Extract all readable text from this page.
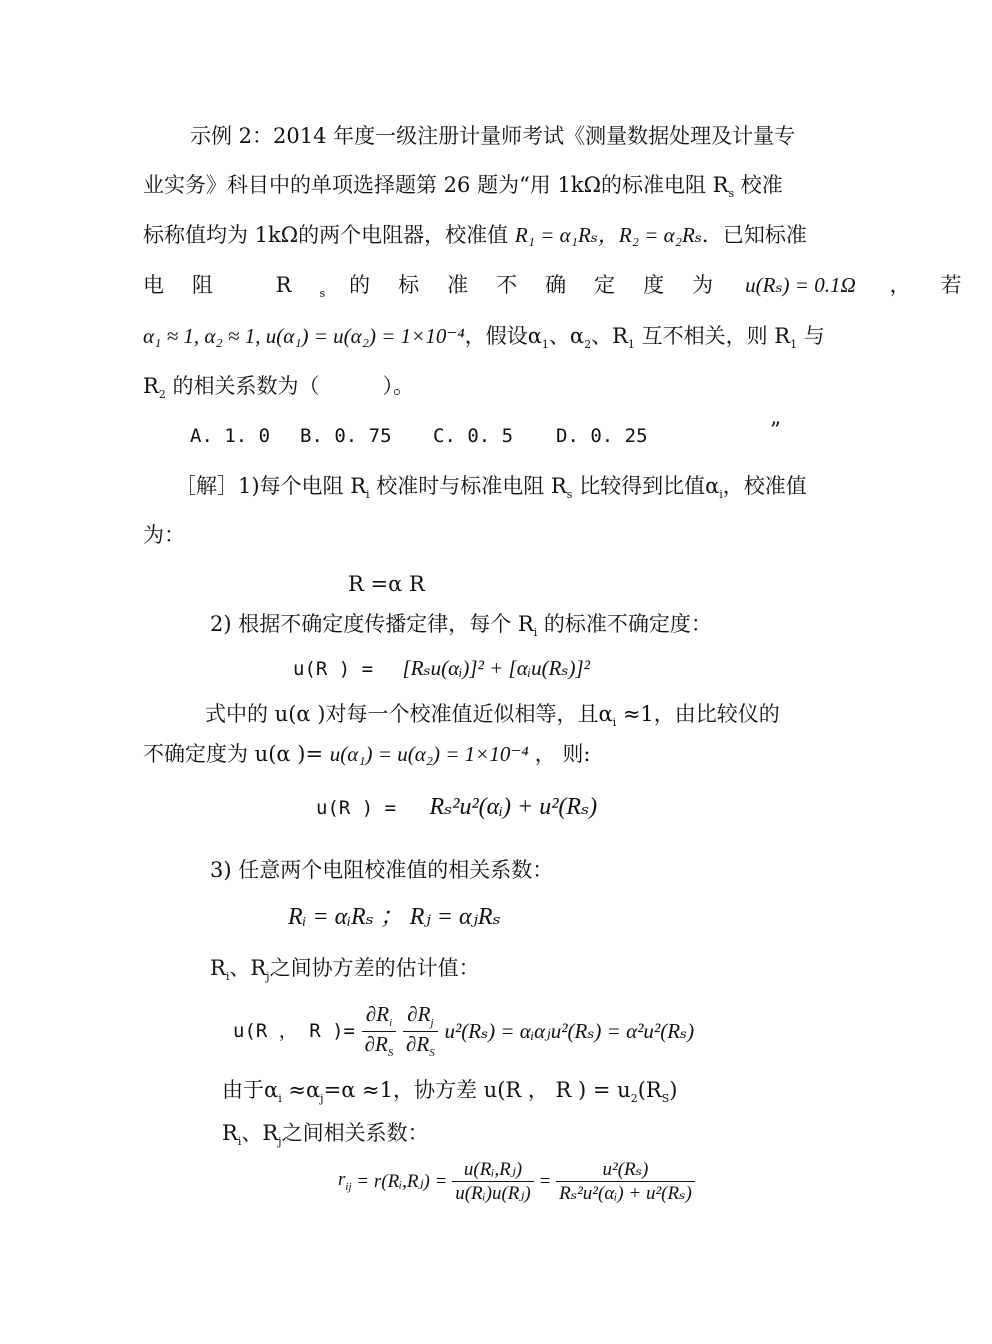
示例 2：2014 年度一级注册计量师考试《测量数据处理及计量专
业实务》科目中的单项选择题第 26 题为“用 1kΩ的标准电阻 $R_s$ 校准
标称值均为 1kΩ的两个电阻器，校准值 R₁ = α₁Rₛ，R₂ = α₂Rₛ．已知标准
电阻 $R_s$ 的标准不确定度为 u(Rₛ) = 0.1Ω ，若
α₁ ≈ 1, α₂ ≈ 1, u(α₁) = u(α₂) = 1×10⁻⁴，假设$\alpha_1$、$\alpha_2$、$R_1$ 互不相关，则 $R_1$ 与
$R_2$ 的相关系数为（　　　）。
A. 1. 0 B. 0. 75 C. 0. 5 D. 0. 25	”
［解］1)每个电阻 $R_i$ 校准时与标准电阻 $R_s$ 比较得到比值$\alpha_i$，校准值
为：
R =α R
2) 根据不确定度传播定律，每个 $R_i$ 的标准不确定度：
u(R ) = [Rₛu(αᵢ)]² + [αᵢu(Rₛ)]²
式中的 u(α )对每一个校准值近似相等，且$\alpha_i \approx 1$，由比较仪的
不确定度为 u(α )= u(α₁) = u(α₂) = 1×10⁻⁴ ， 则:
u(R ) = Rₛ²u²(αᵢ) + u²(Rₛ)
3) 任意两个电阻校准值的相关系数：
Rᵢ = αᵢRₛ ； Rⱼ = αⱼRₛ
$R_i$、$R_j$之间协方差的估计值：
u(R ， R )= $\frac{\partial R_i}{\partial R_S}$
$\frac{\partial R_j}{\partial R_S} u^2(R_s)$ = αᵢαⱼu²(Rₛ) = α²u²(Rₛ)
由于$\alpha_i \approx\alpha_j=\alpha \approx 1$，协方差 u(R ， R ) = $u_2(R_S)$
$R_i$、$R_j$之间相关系数：
$r_{ij}$ = r(Rᵢ,Rⱼ) = $\frac{\text{u(Rᵢ,Rⱼ)}}{\text{u(Rᵢ)u(Rⱼ)}} = \frac{\text{u²(Rₛ)}}{\text{Rₛ²u²(αᵢ) + u²(Rₛ)}}$
